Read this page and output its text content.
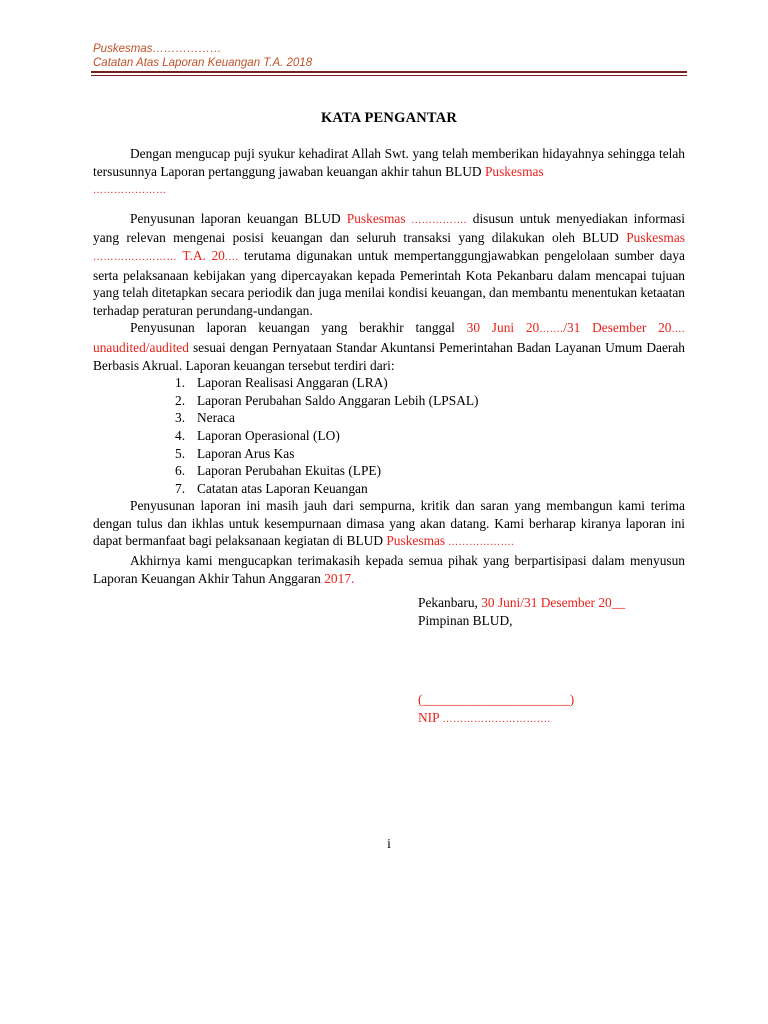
Puskesmas………………
Catatan Atas Laporan Keuangan T.A. 2018
KATA PENGANTAR

Dengan mengucap puji syukur kehadirat Allah Swt. yang telah memberikan hidayahnya sehingga telah tersusunnya Laporan pertanggung jawaban keuangan akhir tahun BLUD Puskesmas
…………………

Penyusunan laporan keuangan BLUD Puskesmas ……………. disusun untuk menyediakan informasi yang relevan mengenai posisi keuangan dan seluruh transaksi yang dilakukan oleh BLUD Puskesmas …………………… T.A. 20…. terutama digunakan untuk mempertanggungjawabkan pengelolaan sumber daya serta pelaksanaan kebijakan yang dipercayakan kepada Pemerintah Kota Pekanbaru dalam mencapai tujuan yang telah ditetapkan secara periodik dan juga menilai kondisi keuangan, dan membantu menentukan ketaatan terhadap peraturan perundang-undangan.

Penyusunan laporan keuangan yang berakhir tanggal 30 Juni 20……./31 Desember 20…. unaudited/audited sesuai dengan Pernyataan Standar Akuntansi Pemerintahan Badan Layanan Umum Daerah Berbasis Akrual. Laporan keuangan tersebut terdiri dari:

1. Laporan Realisasi Anggaran (LRA)
2. Laporan Perubahan Saldo Anggaran Lebih (LPSAL)
3. Neraca
4. Laporan Operasional (LO)
5. Laporan Arus Kas
6. Laporan Perubahan Ekuitas (LPE)
7. Catatan atas Laporan Keuangan

Penyusunan laporan ini masih jauh dari sempurna, kritik dan saran yang membangun kami terima dengan tulus dan ikhlas untuk kesempurnaan dimasa yang akan datang. Kami berharap kiranya laporan ini dapat bermanfaat bagi pelaksanaan kegiatan di BLUD Puskesmas ……………….

Akhirnya kami mengucapkan terimakasih kepada semua pihak yang berpartisipasi dalam menyusun Laporan Keuangan Akhir Tahun Anggaran 2017.

Pekanbaru, 30 Juni/31 Desember 20__
Pimpinan BLUD,
(______________________)
NIP ………………………….
i
